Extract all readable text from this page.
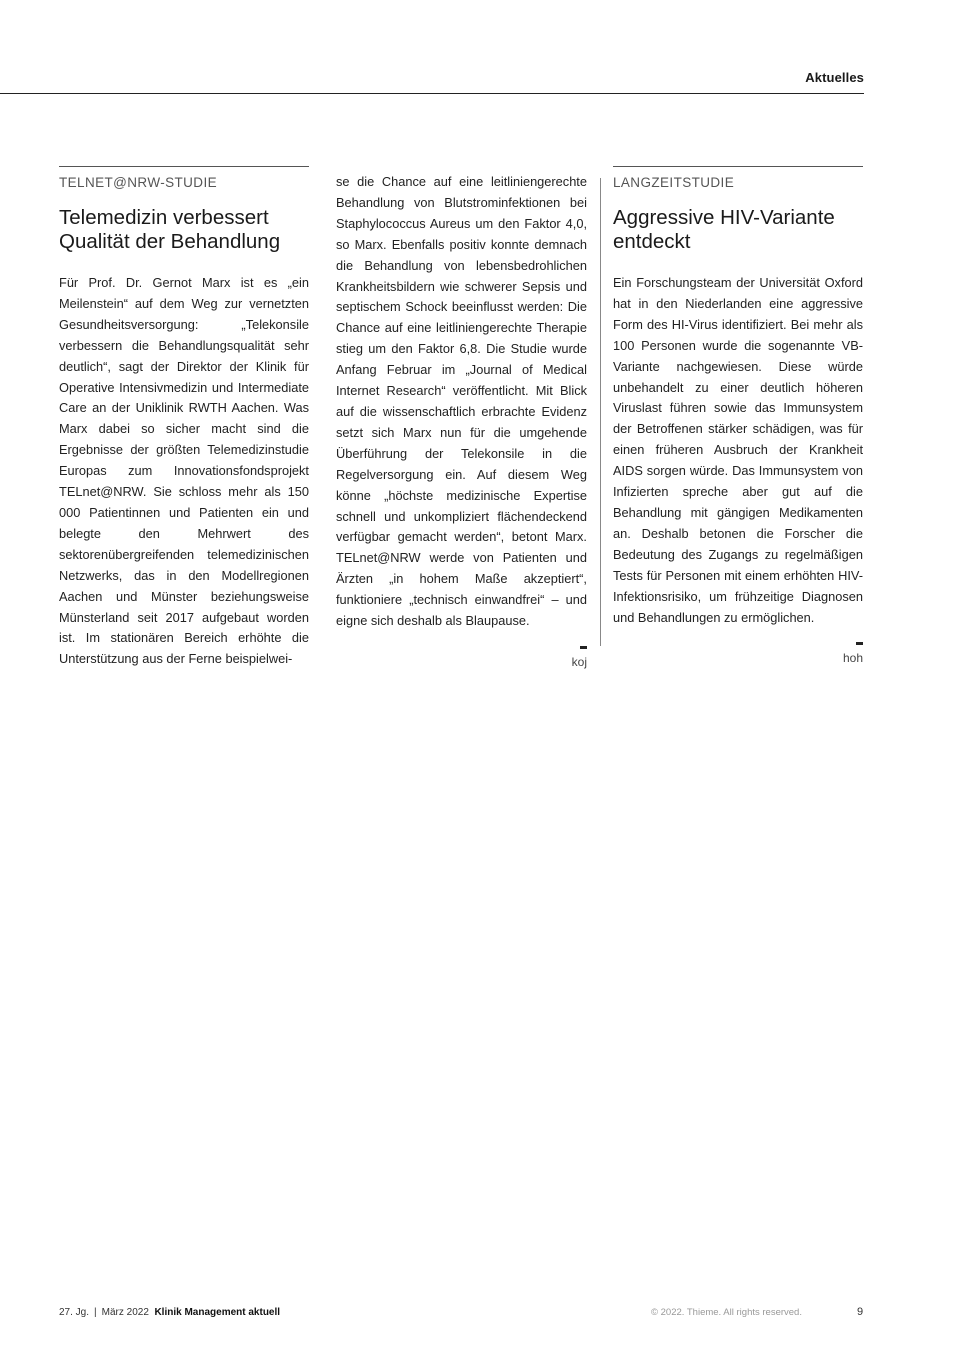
Aktuelles
TELNET@NRW-STUDIE
Telemedizin verbessert Qualität der Behandlung

Für Prof. Dr. Gernot Marx ist es „ein Meilenstein“ auf dem Weg zur vernetzten Gesundheitsversorgung: „Telekonsile verbessern die Behandlungsqualität sehr deutlich“, sagt der Direktor der Klinik für Operative Intensivmedizin und Intermediate Care an der Uniklinik RWTH Aachen. Was Marx dabei so sicher macht sind die Ergebnisse der größten Telemedizinstudie Europas zum Innovationsfondsprojekt TELnet@NRW. Sie schloss mehr als 150 000 Patientinnen und Patienten ein und belegte den Mehrwert des sektorenübergreifenden telemedizinischen Netzwerks, das in den Modellregionen Aachen und Münster beziehungsweise Münsterland seit 2017 aufgebaut worden ist. Im stationären Bereich erhöhte die Unterstützung aus der Ferne beispielwei-

se die Chance auf eine leitliniengerechte Behandlung von Blutstrominfektionen bei Staphylococcus Aureus um den Faktor 4,0, so Marx. Ebenfalls positiv konnte demnach die Behandlung von lebensbedrohlichen Krankheitsbildern wie schwerer Sepsis und septischem Schock beeinflusst werden: Die Chance auf eine leitliniengerechte Therapie stieg um den Faktor 6,8. Die Studie wurde Anfang Februar im „Journal of Medical Internet Research“ veröffentlicht. Mit Blick auf die wissenschaftlich erbrachte Evidenz setzt sich Marx nun für die umgehende Überführung der Telekonsile in die Regelversorgung ein. Auf diesem Weg könne „höchste medizinische Expertise schnell und unkompliziert flächendeckend verfügbar gemacht werden“, betont Marx. TELnet@NRW werde von Patienten und Ärzten „in hohem Maße akzeptiert“, funktioniere „technisch einwandfrei“ – und eigne sich deshalb als Blaupause.

koj
LANGZEITSTUDIE
Aggressive HIV-Variante entdeckt

Ein Forschungsteam der Universität Oxford hat in den Niederlanden eine aggressive Form des HI-Virus identifiziert. Bei mehr als 100 Personen wurde die sogenannte VB-Variante nachgewiesen. Diese würde unbehandelt zu einer deutlich höheren Viruslast führen sowie das Immunsystem der Betroffenen stärker schädigen, was für einen früheren Ausbruch der Krankheit AIDS sorgen würde. Das Immunsystem von Infizierten spreche aber gut auf die Behandlung mit gängigen Medikamenten an. Deshalb betonen die Forscher die Bedeutung des Zugangs zu regelmäßigen Tests für Personen mit einem erhöhten HIV-Infektionsrisiko, um frühzeitige Diagnosen und Behandlungen zu ermöglichen.

hoh
27. Jg. | März 2022 Klinik Management aktuell	© 2022. Thieme. All rights reserved.	9
